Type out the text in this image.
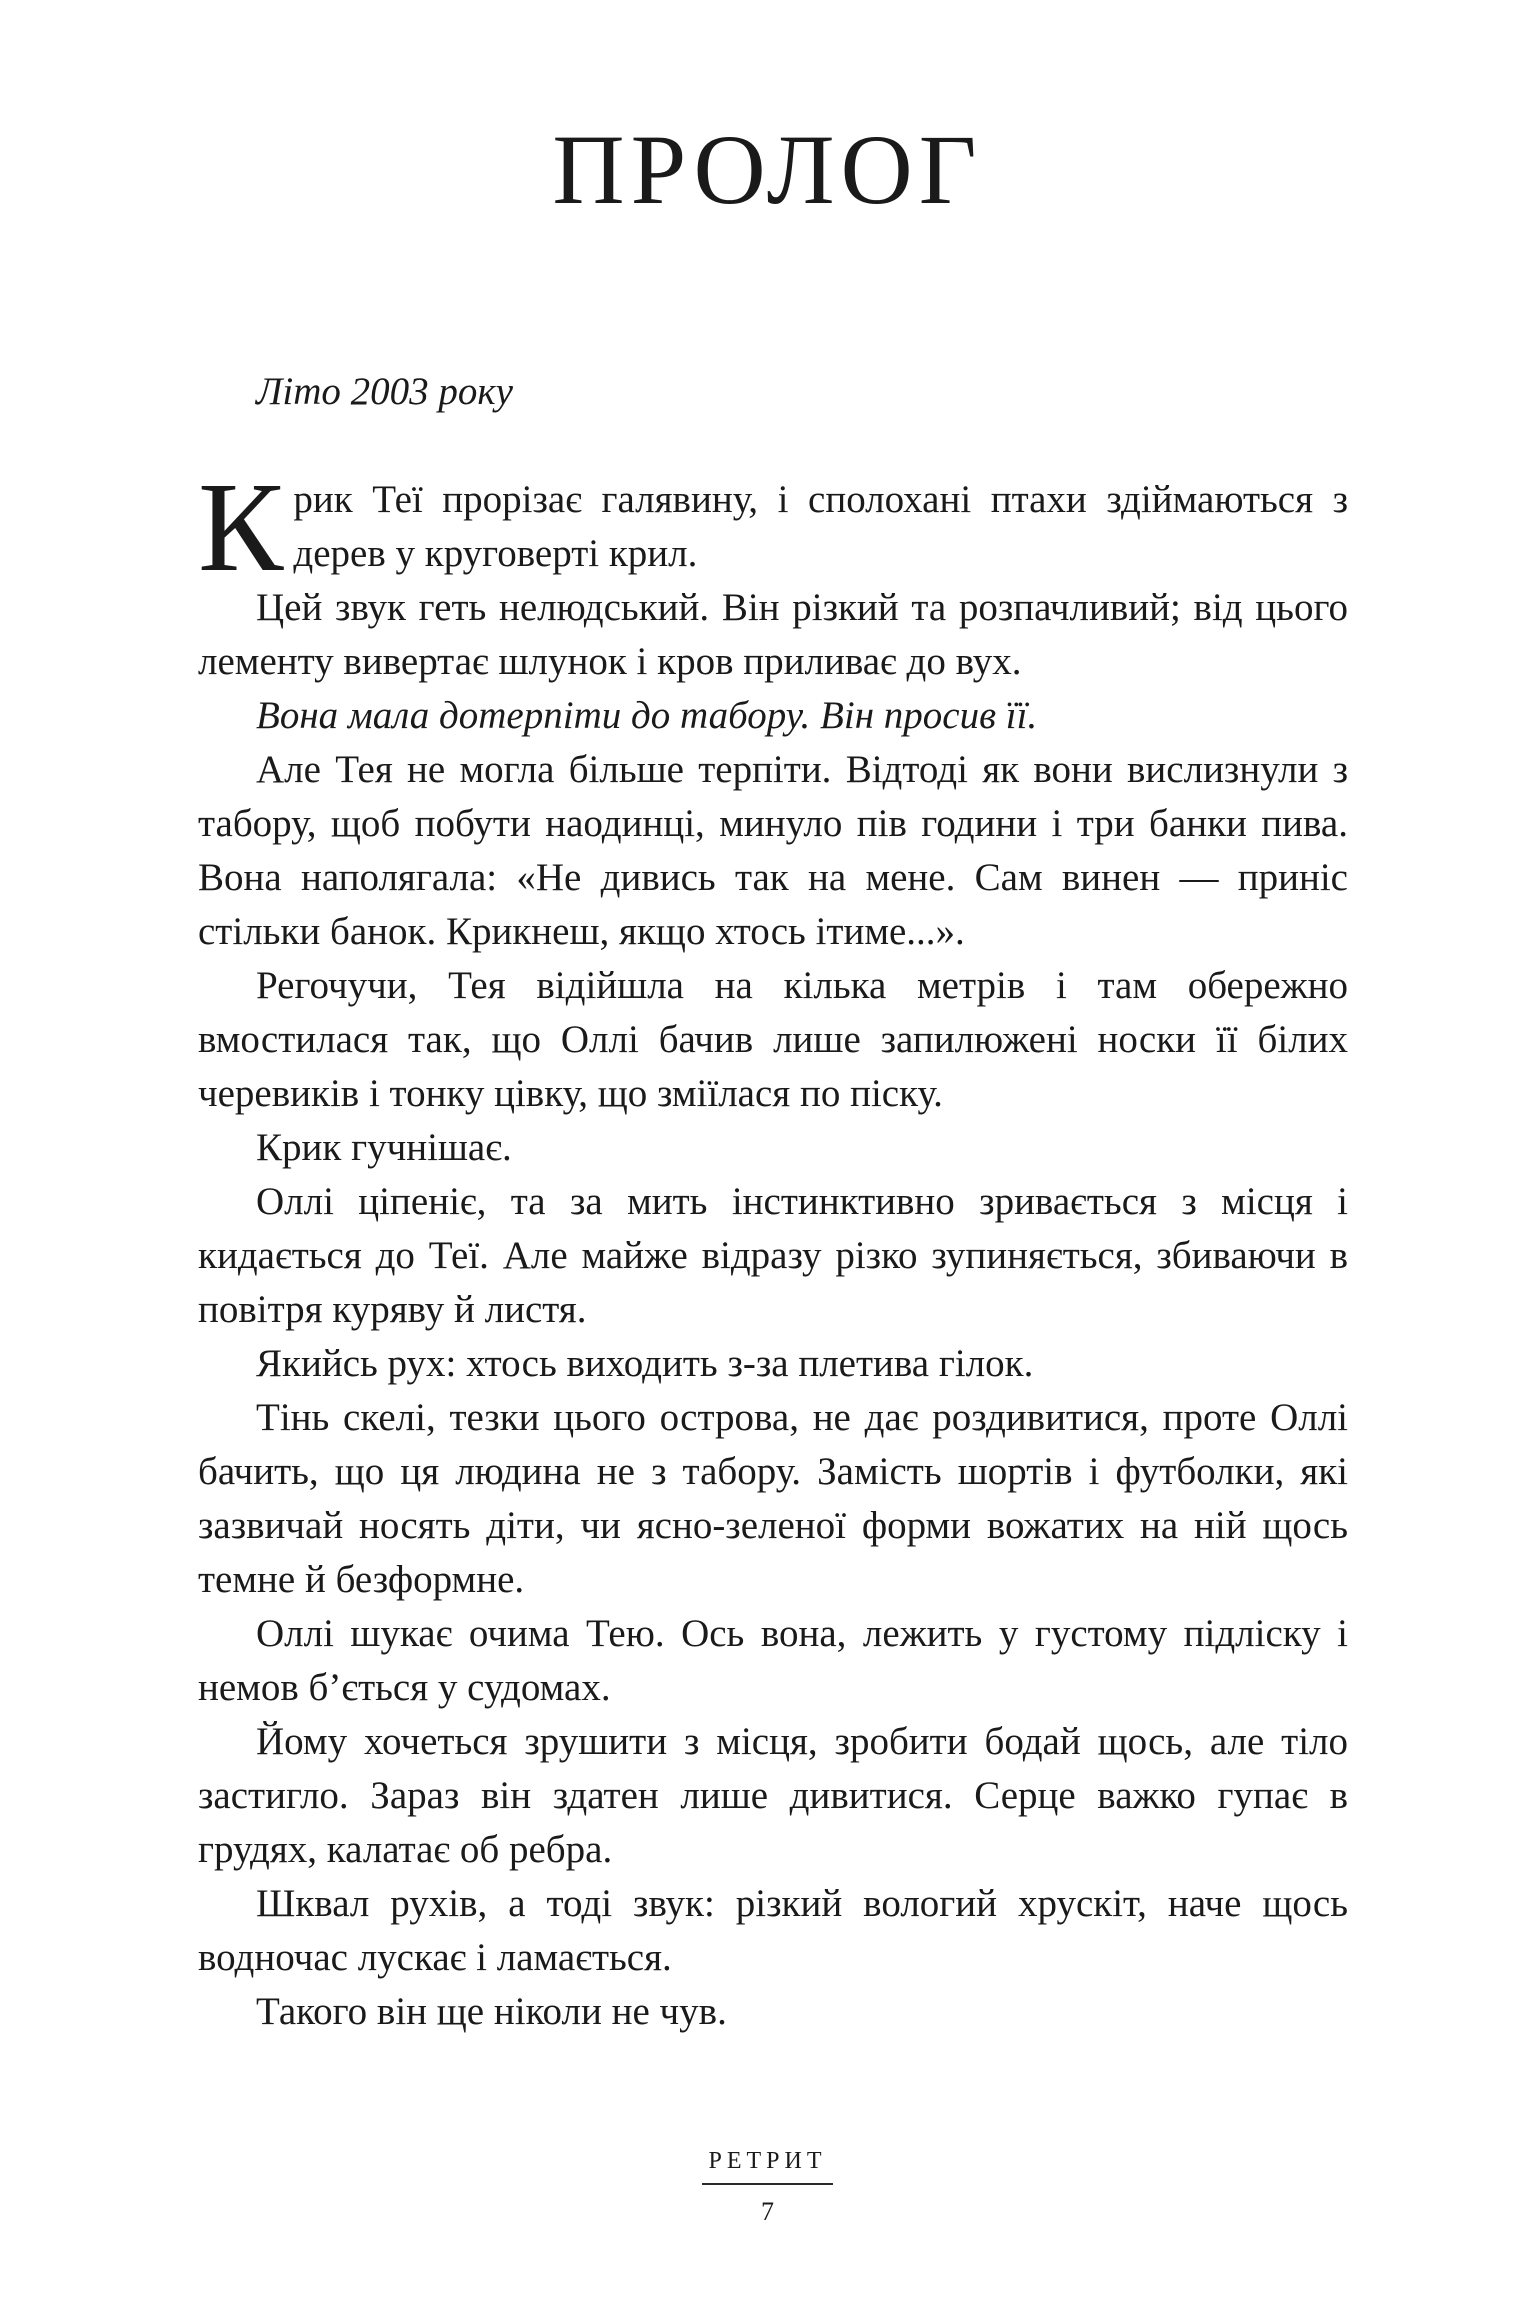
ПРОЛОГ

Літо 2003 року

Крик Теї прорізає галявину, і сполохані птахи здіймаються з дерев у круговерті крил.

Цей звук геть нелюдський. Він різкий та розпачливий; від цього лементу вивертає шлунок і кров приливає до вух.

Вона мала дотерпіти до табору. Він просив її.

Але Тея не могла більше терпіти. Відтоді як вони вислизнули з табору, щоб побути наодинці, минуло пів години і три банки пива. Вона наполягала: «Не дивись так на мене. Сам винен — приніс стільки банок. Крикнеш, якщо хтось ітиме...».

Регочучи, Тея відійшла на кілька метрів і там обережно вмостилася так, що Оллі бачив лише запилюжені носки її білих черевиків і тонку цівку, що зміїлася по піску.

Крик гучнішає.

Оллі ціпеніє, та за мить інстинктивно зривається з місця і кидається до Теї. Але майже відразу різко зупиняється, збиваючи в повітря куряву й листя.

Якийсь рух: хтось виходить з-за плетива гілок.

Тінь скелі, тезки цього острова, не дає роздивитися, проте Оллі бачить, що ця людина не з табору. Замість шортів і футболки, які зазвичай носять діти, чи ясно-зеленої форми вожатих на ній щось темне й безформне.

Оллі шукає очима Тею. Ось вона, лежить у густому підліску і немов б’ється у судомах.

Йому хочеться зрушити з місця, зробити бодай щось, але тіло застигло. Зараз він здатен лише дивитися. Серце важко гупає в грудях, калатає об ребра.

Шквал рухів, а тоді звук: різкий вологий хрускіт, наче щось водночас лускає і ламається.

Такого він ще ніколи не чув.

РЕТРИТ
7
